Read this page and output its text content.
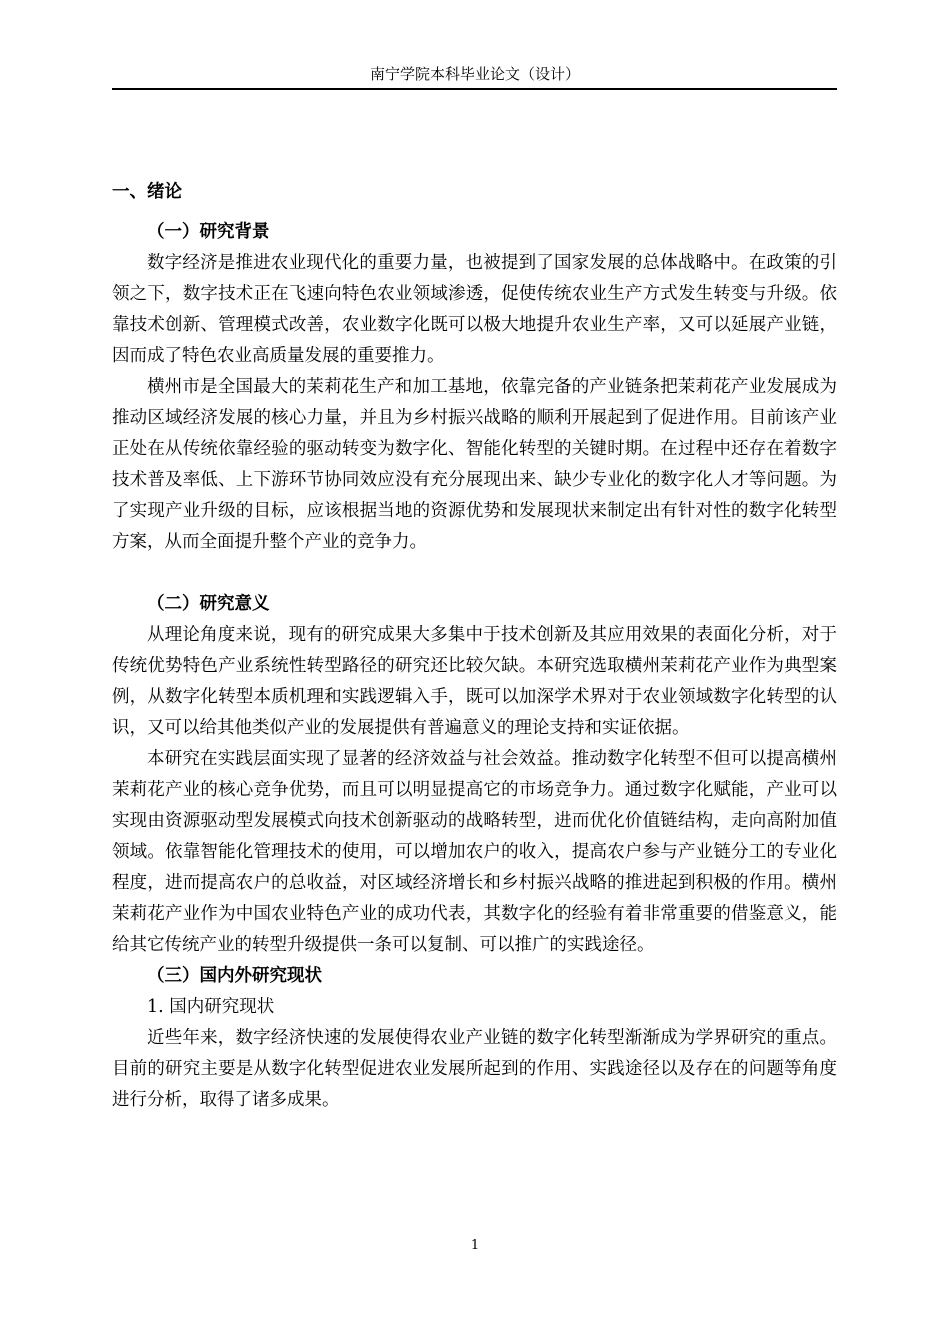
南宁学院本科毕业论文（设计）
一、绪论
（一）研究背景
数字经济是推进农业现代化的重要力量，也被提到了国家发展的总体战略中。在政策的引领之下，数字技术正在飞速向特色农业领域渗透，促使传统农业生产方式发生转变与升级。依靠技术创新、管理模式改善，农业数字化既可以极大地提升农业生产率，又可以延展产业链，因而成了特色农业高质量发展的重要推力。
横州市是全国最大的茉莉花生产和加工基地，依靠完备的产业链条把茉莉花产业发展成为推动区域经济发展的核心力量，并且为乡村振兴战略的顺利开展起到了促进作用。目前该产业正处在从传统依靠经验的驱动转变为数字化、智能化转型的关键时期。在过程中还存在着数字技术普及率低、上下游环节协同效应没有充分展现出来、缺少专业化的数字化人才等问题。为了实现产业升级的目标，应该根据当地的资源优势和发展现状来制定出有针对性的数字化转型方案，从而全面提升整个产业的竞争力。
（二）研究意义
从理论角度来说，现有的研究成果大多集中于技术创新及其应用效果的表面化分析，对于传统优势特色产业系统性转型路径的研究还比较欠缺。本研究选取横州茉莉花产业作为典型案例，从数字化转型本质机理和实践逻辑入手，既可以加深学术界对于农业领域数字化转型的认识，又可以给其他类似产业的发展提供有普遍意义的理论支持和实证依据。
本研究在实践层面实现了显著的经济效益与社会效益。推动数字化转型不但可以提高横州茉莉花产业的核心竞争优势，而且可以明显提高它的市场竞争力。通过数字化赋能，产业可以实现由资源驱动型发展模式向技术创新驱动的战略转型，进而优化价值链结构，走向高附加值领域。依靠智能化管理技术的使用，可以增加农户的收入，提高农户参与产业链分工的专业化程度，进而提高农户的总收益，对区域经济增长和乡村振兴战略的推进起到积极的作用。横州茉莉花产业作为中国农业特色产业的成功代表，其数字化的经验有着非常重要的借鉴意义，能给其它传统产业的转型升级提供一条可以复制、可以推广的实践途径。
（三）国内外研究现状
1. 国内研究现状
近些年来，数字经济快速的发展使得农业产业链的数字化转型渐渐成为学界研究的重点。目前的研究主要是从数字化转型促进农业发展所起到的作用、实践途径以及存在的问题等角度进行分析，取得了诸多成果。
1
